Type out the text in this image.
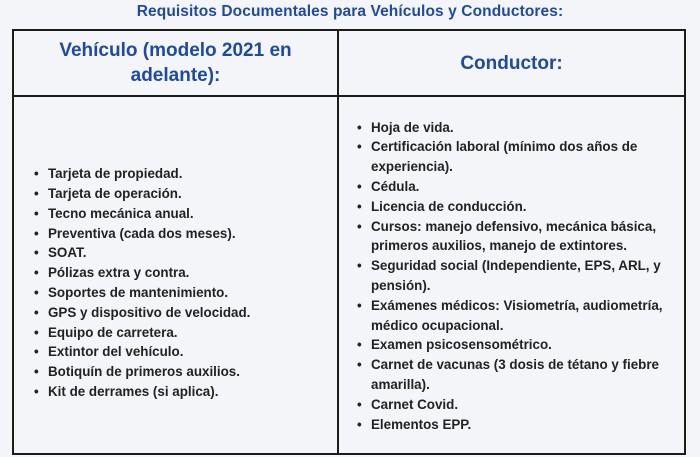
Requisitos Documentales para Vehículos y Conductores:
Vehículo (modelo 2021 en adelante):
Conductor:
• Tarjeta de propiedad.
• Tarjeta de operación.
• Tecno mecánica anual.
• Preventiva (cada dos meses).
• SOAT.
• Pólizas extra y contra.
• Soportes de mantenimiento.
• GPS y dispositivo de velocidad.
• Equipo de carretera.
• Extintor del vehículo.
• Botiquín de primeros auxilios.
• Kit de derrames (si aplica).
• Hoja de vida.
• Certificación laboral (mínimo dos años de experiencia).
• Cédula.
• Licencia de conducción.
• Cursos: manejo defensivo, mecánica básica, primeros auxilios, manejo de extintores.
• Seguridad social (Independiente, EPS, ARL, y pensión).
• Exámenes médicos: Visiometría, audiometría, médico ocupacional.
• Examen psicosensométrico.
• Carnet de vacunas (3 dosis de tétano y fiebre amarilla).
• Carnet Covid.
• Elementos EPP.
